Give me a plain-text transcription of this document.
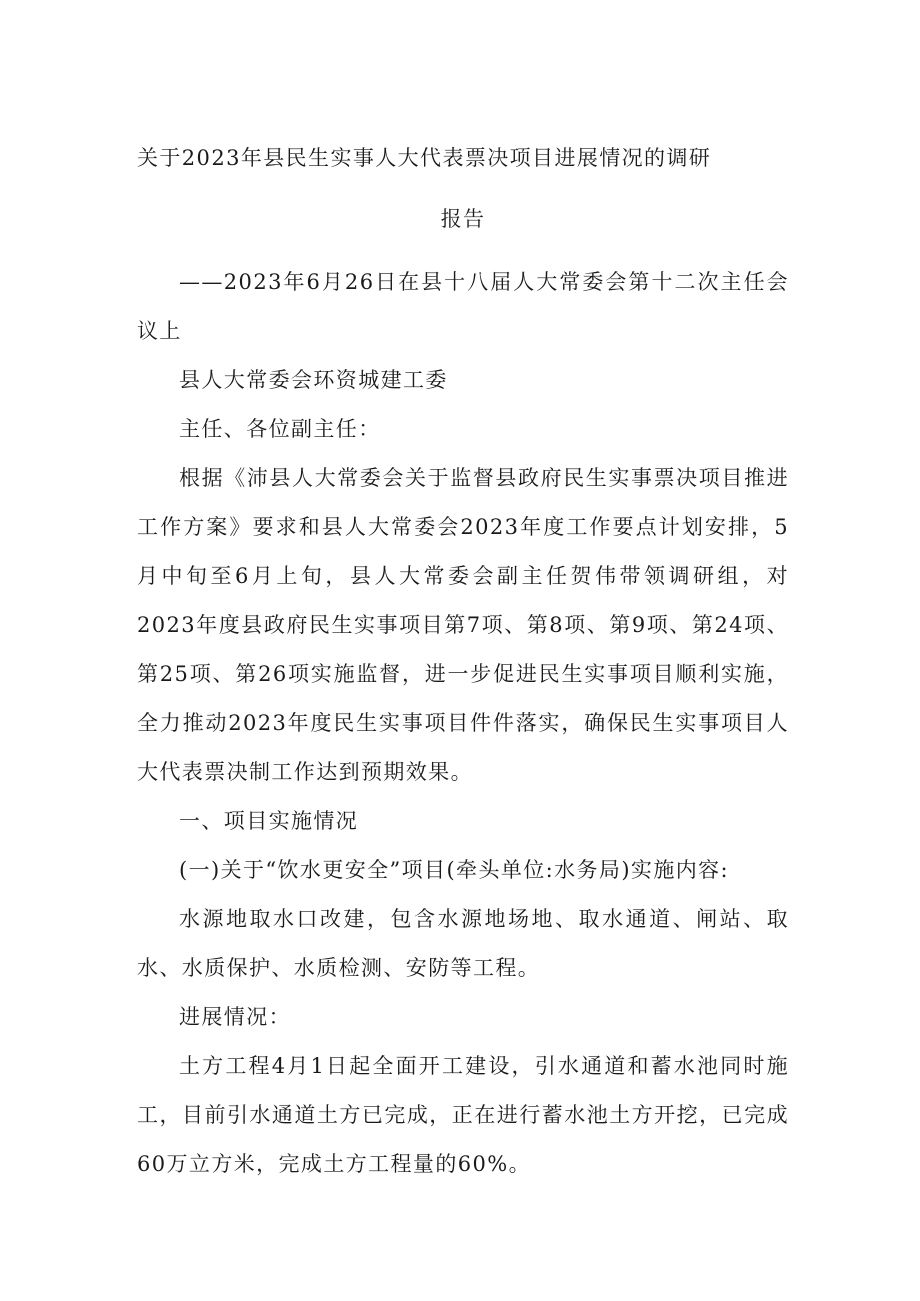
关于2023年县民生实事人大代表票决项目进展情况的调研

报告

——2023年6月26日在县十八届人大常委会第十二次主任会议上

县人大常委会环资城建工委

主任、各位副主任：

根据《沛县人大常委会关于监督县政府民生实事票决项目推进工作方案》要求和县人大常委会2023年度工作要点计划安排，5月中旬至6月上旬，县人大常委会副主任贺伟带领调研组，对2023年度县政府民生实事项目第7项、第8项、第9项、第24项、第25项、第26项实施监督，进一步促进民生实事项目顺利实施，全力推动2023年度民生实事项目件件落实，确保民生实事项目人大代表票决制工作达到预期效果。

一、项目实施情况

(一)关于“饮水更安全”项目(牵头单位:水务局)实施内容:

水源地取水口改建，包含水源地场地、取水通道、闸站、取水、水质保护、水质检测、安防等工程。

进展情况：

土方工程4月1日起全面开工建设，引水通道和蓄水池同时施工，目前引水通道土方已完成，正在进行蓄水池土方开挖，已完成60万立方米，完成土方工程量的60%。
